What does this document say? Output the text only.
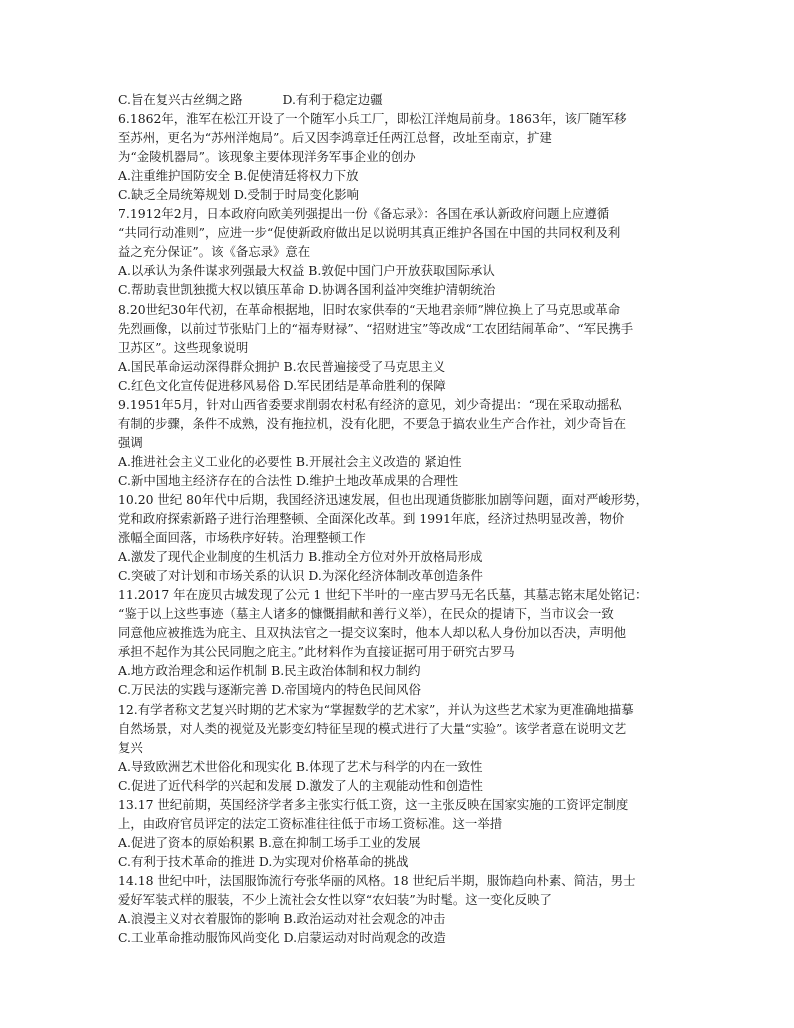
C.旨在复兴古丝绸之路	D.有利于稳定边疆
6.1862年，淮军在松江开设了一个随军小兵工厂，即松江洋炮局前身。1863年，该厂随军移
至苏州，更名为“苏州洋炮局”。后又因李鸿章迁任两江总督，改址至南京，扩建
为“金陵机器局”。该现象主要体现洋务军事企业的创办
A.注重维护国防安全 B.促使清廷将权力下放
C.缺乏全局统筹规划 D.受制于时局变化影响
7.1912年2月，日本政府向欧美列强提出一份《备忘录》：各国在承认新政府问题上应遵循
“共同行动准则”，应进一步“促使新政府做出足以说明其真正维护各国在中国的共同权利及利
益之充分保证”。该《备忘录》意在
A.以承认为条件谋求列强最大权益 B.敦促中国门户开放获取国际承认
C.帮助袁世凯独揽大权以镇压革命 D.协调各国利益冲突维护清朝统治
8.20世纪30年代初，在革命根据地，旧时农家供奉的“天地君亲师”牌位换上了马克思或革命
先烈画像，以前过节张贴门上的“福寿财禄”、“招财进宝”等改成“工农团结闹革命”、“军民携手
卫苏区”。这些现象说明
A.国民革命运动深得群众拥护 B.农民普遍接受了马克思主义
C.红色文化宣传促进移风易俗 D.军民团结是革命胜利的保障
9.1951年5月，针对山西省委要求削弱农村私有经济的意见，刘少奇提出：“现在采取动摇私
有制的步骤，条件不成熟，没有拖拉机，没有化肥，不要急于搞农业生产合作社，刘少奇旨在
强调
A.推进社会主义工业化的必要性 B.开展社会主义改造的 紧迫性
C.新中国地主经济存在的合法性 D.维护土地改革成果的合理性
10.20 世纪 80年代中后期，我国经济迅速发展，但也出现通货膨胀加剧等问题，面对严峻形势，
党和政府探索新路子进行治理整顿、全面深化改革。到 1991年底，经济过热明显改善，物价
涨幅全面回落，市场秩序好转。治理整顿工作
A.激发了现代企业制度的生机活力 B.推动全方位对外开放格局形成
C.突破了对计划和市场关系的认识 D.为深化经济体制改革创造条件
11.2017 年在庞贝古城发现了公元 1 世纪下半叶的一座古罗马无名氏墓，其墓志铭末尾处铭记：
“鉴于以上这些事迹（墓主人诸多的慷慨捐献和善行义举），在民众的提请下，当市议会一致
同意他应被推选为庇主、且双执法官之一提交议案时，他本人却以私人身份加以否决，声明他
承担不起作为其公民同胞之庇主。”此材料作为直接证据可用于研究古罗马
A.地方政治理念和运作机制 B.民主政治体制和权力制约
C.万民法的实践与逐渐完善 D.帝国境内的特色民间风俗
12.有学者称文艺复兴时期的艺术家为“掌握数学的艺术家”，并认为这些艺术家为更准确地描摹
自然场景，对人类的视觉及光影变幻特征呈现的模式进行了大量“实验”。该学者意在说明文艺
复兴
A.导致欧洲艺术世俗化和现实化 B.体现了艺术与科学的内在一致性
C.促进了近代科学的兴起和发展 D.激发了人的主观能动性和创造性
13.17 世纪前期，英国经济学者多主张实行低工资，这一主张反映在国家实施的工资评定制度
上，由政府官员评定的法定工资标准往往低于市场工资标准。这一举措
A.促进了资本的原始积累 B.意在抑制工场手工业的发展
C.有利于技术革命的推进 D.为实现对价格革命的挑战
14.18 世纪中叶，法国服饰流行夸张华丽的风格。18 世纪后半期，服饰趋向朴素、简洁，男士
爱好军装式样的服装，不少上流社会女性以穿“农妇装”为时髦。这一变化反映了
A.浪漫主义对衣着服饰的影响 B.政治运动对社会观念的冲击
C.工业革命推动服饰风尚变化 D.启蒙运动对时尚观念的改造
